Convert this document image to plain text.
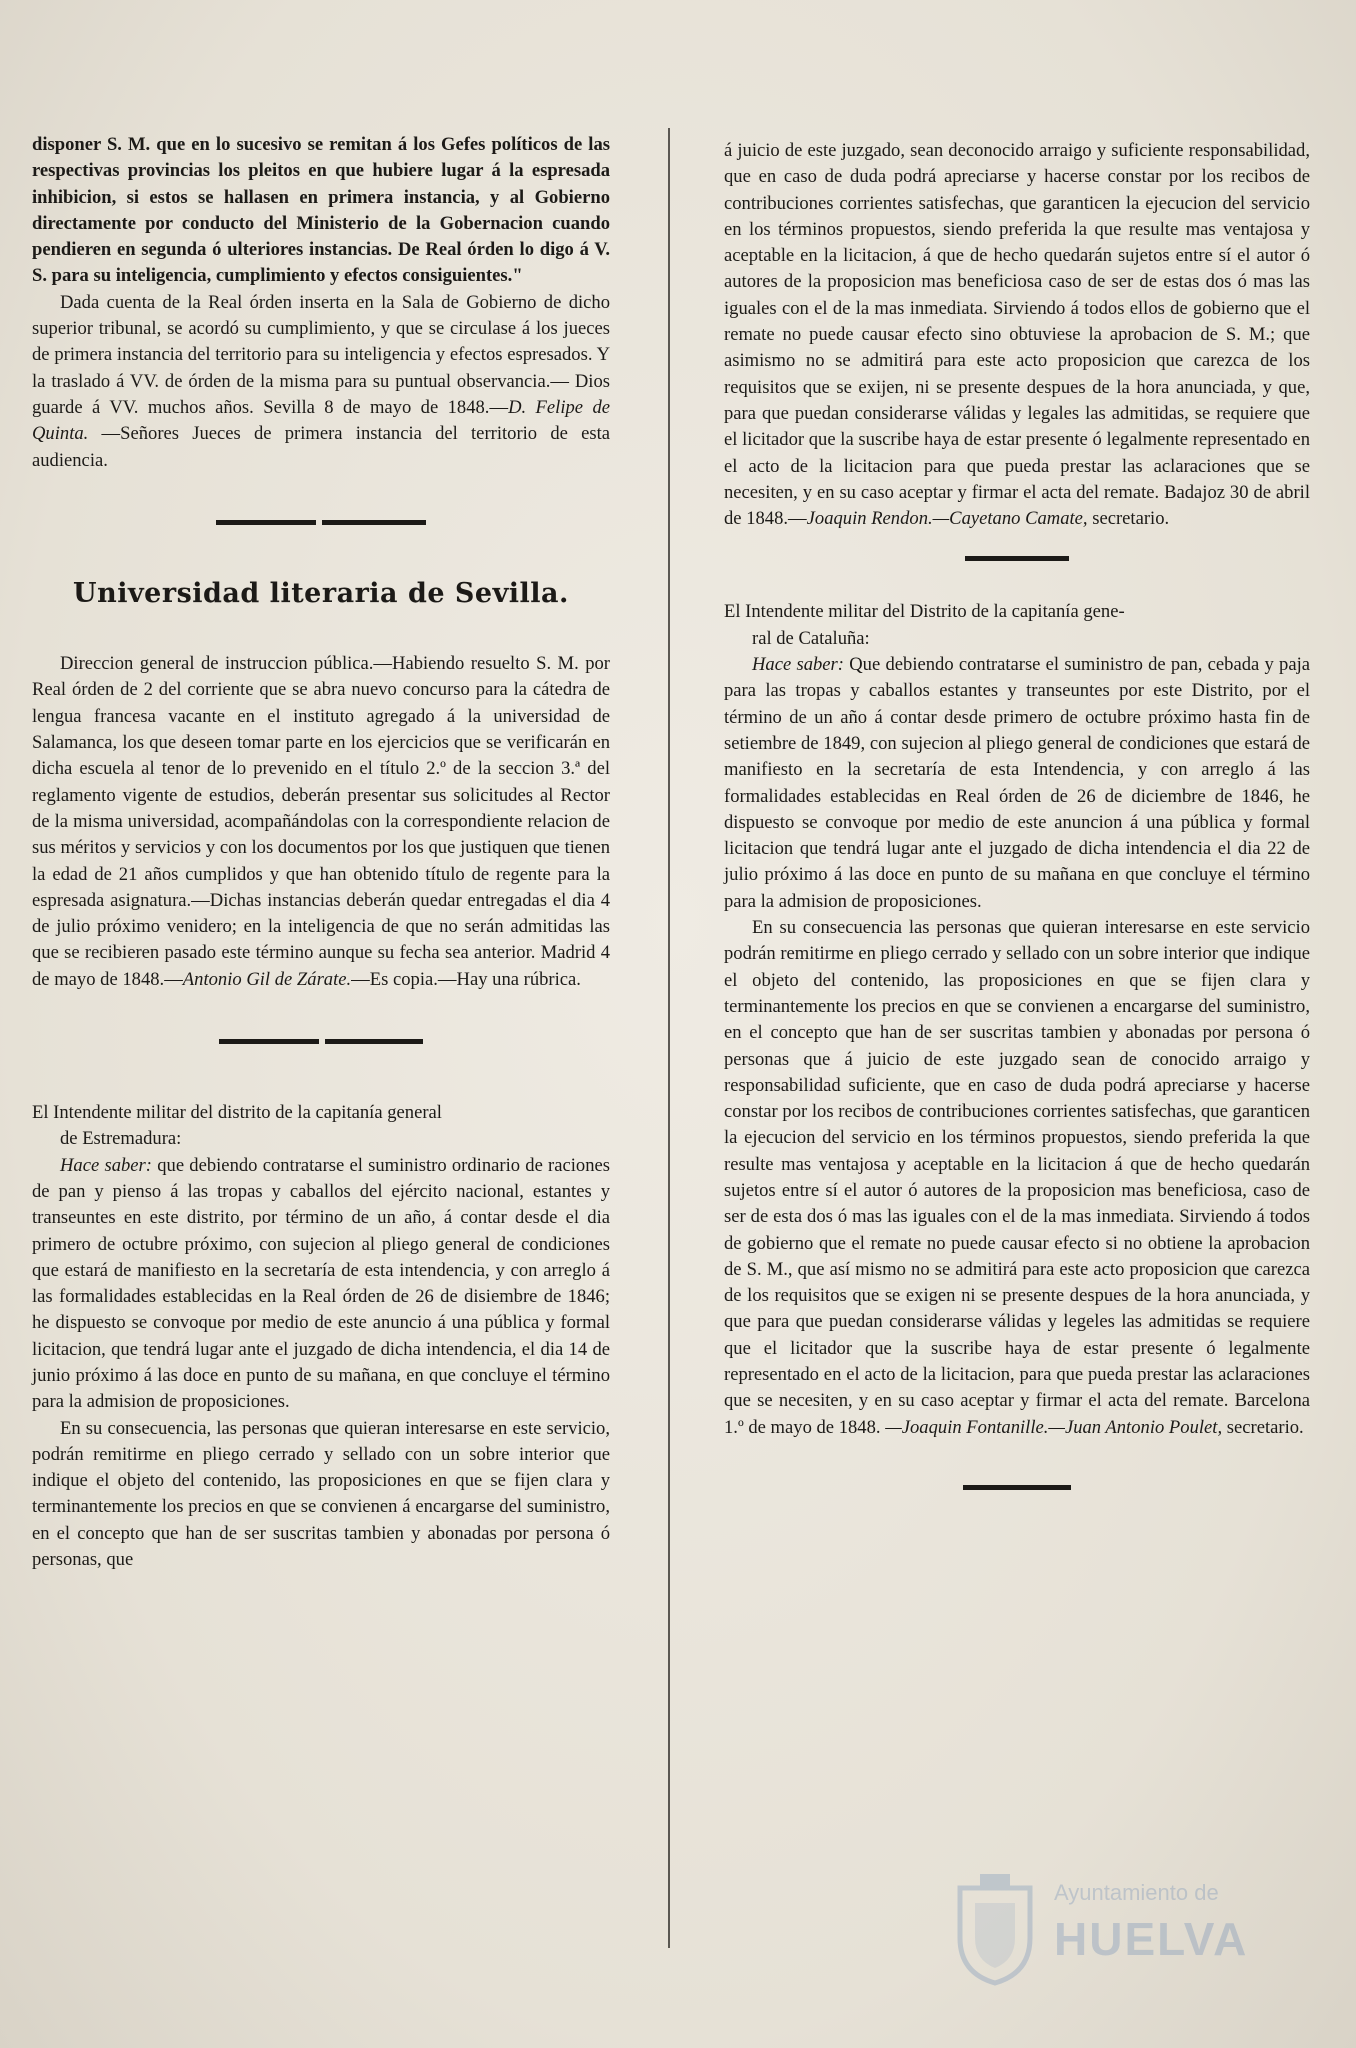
disponer S. M. que en lo sucesivo se remitan á los Gefes políticos de las respectivas provincias los pleitos en que hubiere lugar á la espresada inhibicion, si estos se hallasen en primera instancia, y al Gobierno directamente por conducto del Ministerio de la Gobernacion cuando pendieren en segunda ó ulteriores instancias. De Real órden lo digo á V. S. para su inteligencia, cumplimiento y efectos consiguientes."

Dada cuenta de la Real órden inserta en la Sala de Gobierno de dicho superior tribunal, se acordó su cumplimiento, y que se circulase á los jueces de primera instancia del territorio para su inteligencia y efectos espresados. Y la traslado á VV. de órden de la misma para su puntual observancia.— Dios guarde á VV. muchos años. Sevilla 8 de mayo de 1848.—D. Felipe de Quinta. —Señores Jueces de primera instancia del territorio de esta audiencia.

Universidad literaria de Sevilla.

Direccion general de instruccion pública.—Habiendo resuelto S. M. por Real órden de 2 del corriente que se abra nuevo concurso para la cátedra de lengua francesa vacante en el instituto agregado á la universidad de Salamanca, los que deseen tomar parte en los ejercicios que se verificarán en dicha escuela al tenor de lo prevenido en el título 2.º de la seccion 3.ª del reglamento vigente de estudios, deberán presentar sus solicitudes al Rector de la misma universidad, acompañándolas con la correspondiente relacion de sus méritos y servicios y con los documentos por los que justiquen que tienen la edad de 21 años cumplidos y que han obtenido título de regente para la espresada asignatura.—Dichas instancias deberán quedar entregadas el dia 4 de julio próximo venidero; en la inteligencia de que no serán admitidas las que se recibieren pasado este término aunque su fecha sea anterior. Madrid 4 de mayo de 1848.—Antonio Gil de Zárate.—Es copia.—Hay una rúbrica.

El Intendente militar del distrito de la capitanía general
de Estremadura:

Hace saber: que debiendo contratarse el suministro ordinario de raciones de pan y pienso á las tropas y caballos del ejército nacional, estantes y transeuntes en este distrito, por término de un año, á contar desde el dia primero de octubre próximo, con sujecion al pliego general de condiciones que estará de manifiesto en la secretaría de esta intendencia, y con arreglo á las formalidades establecidas en la Real órden de 26 de disiembre de 1846; he dispuesto se convoque por medio de este anuncio á una pública y formal licitacion, que tendrá lugar ante el juzgado de dicha intendencia, el dia 14 de junio próximo á las doce en punto de su mañana, en que concluye el término para la admision de proposiciones.

En su consecuencia, las personas que quieran interesarse en este servicio, podrán remitirme en pliego cerrado y sellado con un sobre interior que indique el objeto del contenido, las proposiciones en que se fijen clara y terminantemente los precios en que se convienen á encargarse del suministro, en el concepto que han de ser suscritas tambien y abonadas por persona ó personas, que

á juicio de este juzgado, sean deconocido arraigo y suficiente responsabilidad, que en caso de duda podrá apreciarse y hacerse constar por los recibos de contribuciones corrientes satisfechas, que garanticen la ejecucion del servicio en los términos propuestos, siendo preferida la que resulte mas ventajosa y aceptable en la licitacion, á que de hecho quedarán sujetos entre sí el autor ó autores de la proposicion mas beneficiosa caso de ser de estas dos ó mas las iguales con el de la mas inmediata. Sirviendo á todos ellos de gobierno que el remate no puede causar efecto sino obtuviese la aprobacion de S. M.; que asimismo no se admitirá para este acto proposicion que carezca de los requisitos que se exijen, ni se presente despues de la hora anunciada, y que, para que puedan considerarse válidas y legales las admitidas, se requiere que el licitador que la suscribe haya de estar presente ó legalmente representado en el acto de la licitacion para que pueda prestar las aclaraciones que se necesiten, y en su caso aceptar y firmar el acta del remate. Badajoz 30 de abril de 1848.—Joaquin Rendon.—Cayetano Camate, secretario.

El Intendente militar del Distrito de la capitanía gene-
ral de Cataluña:

Hace saber: Que debiendo contratarse el suministro de pan, cebada y paja para las tropas y caballos estantes y transeuntes por este Distrito, por el término de un año á contar desde primero de octubre próximo hasta fin de setiembre de 1849, con sujecion al pliego general de condiciones que estará de manifiesto en la secretaría de esta Intendencia, y con arreglo á las formalidades establecidas en Real órden de 26 de diciembre de 1846, he dispuesto se convoque por medio de este anuncion á una pública y formal licitacion que tendrá lugar ante el juzgado de dicha intendencia el dia 22 de julio próximo á las doce en punto de su mañana en que concluye el término para la admision de proposiciones.

En su consecuencia las personas que quieran interesarse en este servicio podrán remitirme en pliego cerrado y sellado con un sobre interior que indique el objeto del contenido, las proposiciones en que se fijen clara y terminantemente los precios en que se convienen a encargarse del suministro, en el concepto que han de ser suscritas tambien y abonadas por persona ó personas que á juicio de este juzgado sean de conocido arraigo y responsabilidad suficiente, que en caso de duda podrá apreciarse y hacerse constar por los recibos de contribuciones corrientes satisfechas, que garanticen la ejecucion del servicio en los términos propuestos, siendo preferida la que resulte mas ventajosa y aceptable en la licitacion á que de hecho quedarán sujetos entre sí el autor ó autores de la proposicion mas beneficiosa, caso de ser de esta dos ó mas las iguales con el de la mas inmediata. Sirviendo á todos de gobierno que el remate no puede causar efecto si no obtiene la aprobacion de S. M., que así mismo no se admitirá para este acto proposicion que carezca de los requisitos que se exigen ni se presente despues de la hora anunciada, y que para que puedan considerarse válidas y legeles las admitidas se requiere que el licitador que la suscribe haya de estar presente ó legalmente representado en el acto de la licitacion, para que pueda prestar las aclaraciones que se necesiten, y en su caso aceptar y firmar el acta del remate. Barcelona 1.º de mayo de 1848. —Joaquin Fontanille.—Juan Antonio Poulet, secretario.

Ayuntamiento de
HUELVA
